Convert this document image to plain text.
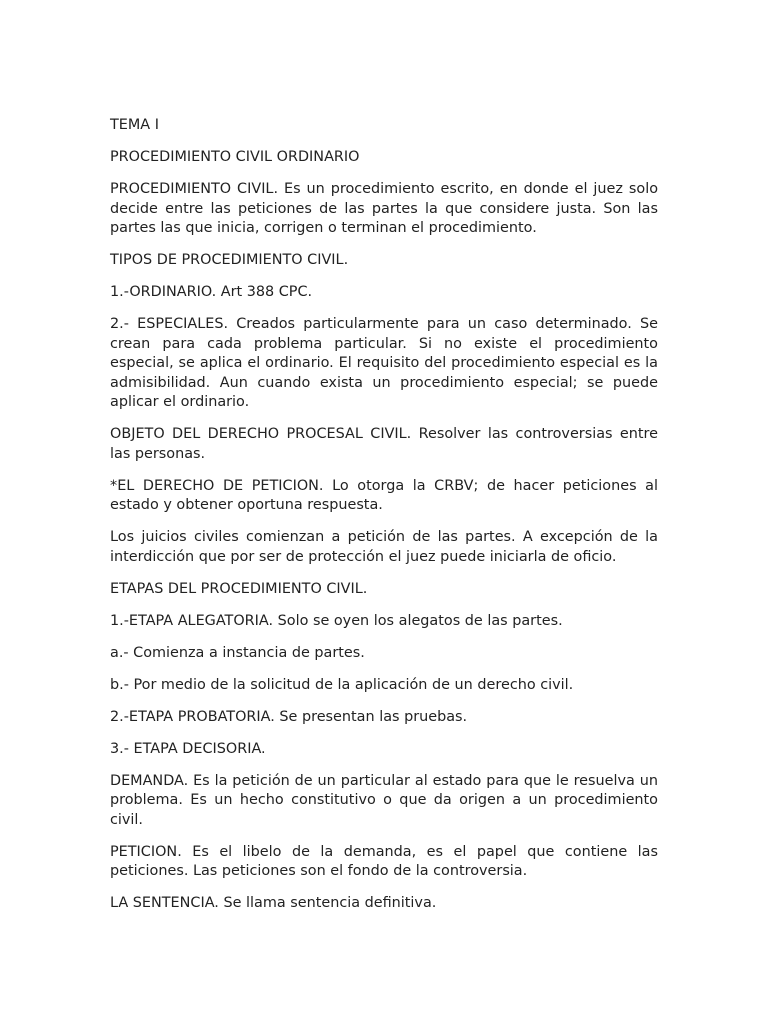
TEMA I

PROCEDIMIENTO CIVIL ORDINARIO

PROCEDIMIENTO CIVIL. Es un procedimiento escrito, en donde el juez solo decide entre las peticiones de las partes la que considere justa. Son las partes las que inicia, corrigen o terminan el procedimiento.

TIPOS DE PROCEDIMIENTO CIVIL.

1.-ORDINARIO. Art 388 CPC.

2.- ESPECIALES. Creados particularmente para un caso determinado. Se crean para cada problema particular. Si no existe el procedimiento especial, se aplica el ordinario. El requisito del procedimiento especial es la admisibilidad. Aun cuando exista un procedimiento especial; se puede aplicar el ordinario.

OBJETO DEL DERECHO PROCESAL CIVIL. Resolver las controversias entre las personas.

*EL DERECHO DE PETICION. Lo otorga la CRBV; de hacer peticiones al estado y obtener oportuna respuesta.

Los juicios civiles comienzan a petición de las partes. A excepción de la interdicción que por ser de protección el juez puede iniciarla de oficio.

ETAPAS DEL PROCEDIMIENTO CIVIL.

1.-ETAPA ALEGATORIA. Solo se oyen los alegatos de las partes.

a.- Comienza a instancia de partes.

b.- Por medio de la solicitud de la aplicación de un derecho civil.

2.-ETAPA PROBATORIA. Se presentan las pruebas.

3.- ETAPA DECISORIA.

DEMANDA. Es la petición de un particular al estado para que le resuelva un problema. Es un hecho constitutivo o que da origen a un procedimiento civil.

PETICION. Es el libelo de la demanda, es el papel que contiene las peticiones. Las peticiones son el fondo de la controversia.

LA SENTENCIA. Se llama sentencia definitiva.
